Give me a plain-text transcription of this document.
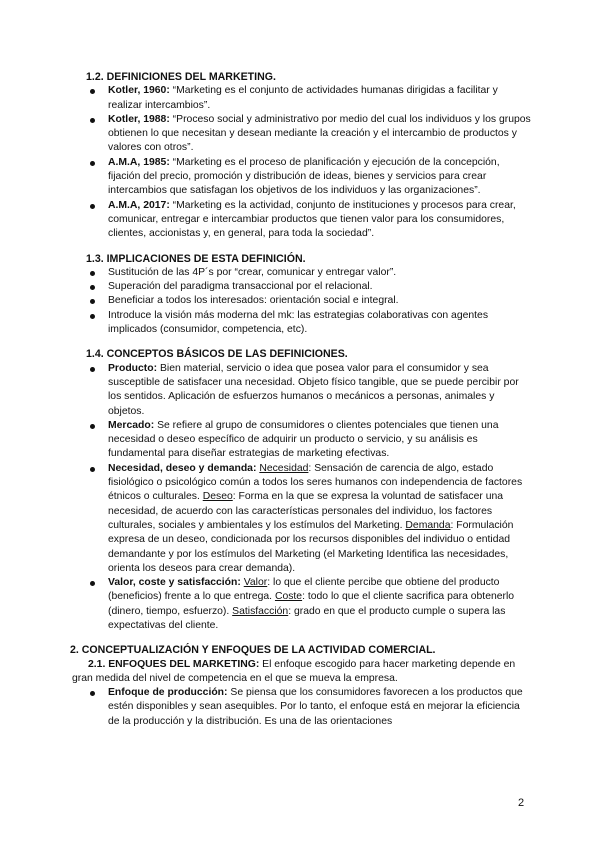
1.2. DEFINICIONES DEL MARKETING.
Kotler, 1960: “Marketing es el conjunto de actividades humanas dirigidas a facilitar y realizar intercambios”.
Kotler, 1988: “Proceso social y administrativo por medio del cual los individuos y los grupos obtienen lo que necesitan y desean mediante la creación y el intercambio de productos y valores con otros”.
A.M.A, 1985: “Marketing es el proceso de planificación y ejecución de la concepción, fijación del precio, promoción y distribución de ideas, bienes y servicios para crear intercambios que satisfagan los objetivos de los individuos y las organizaciones”.
A.M.A, 2017: “Marketing es la actividad, conjunto de instituciones y procesos para crear, comunicar, entregar e intercambiar productos que tienen valor para los consumidores, clientes, accionistas y, en general, para toda la sociedad”.
1.3. IMPLICACIONES DE ESTA DEFINICIÓN.
Sustitución de las 4P´s por “crear, comunicar y entregar valor”.
Superación del paradigma transaccional por el relacional.
Beneficiar a todos los interesados: orientación social e integral.
Introduce la visión más moderna del mk: las estrategias colaborativas con agentes implicados (consumidor, competencia, etc).
1.4. CONCEPTOS BÁSICOS DE LAS DEFINICIONES.
Producto: Bien material, servicio o idea que posea valor para el consumidor y sea susceptible de satisfacer una necesidad. Objeto físico tangible, que se puede percibir por los sentidos. Aplicación de esfuerzos humanos o mecánicos a personas, animales y objetos.
Mercado: Se refiere al grupo de consumidores o clientes potenciales que tienen una necesidad o deseo específico de adquirir un producto o servicio, y su análisis es fundamental para diseñar estrategias de marketing efectivas.
Necesidad, deseo y demanda: Necesidad: Sensación de carencia de algo, estado fisiológico o psicológico común a todos los seres humanos con independencia de factores étnicos o culturales. Deseo: Forma en la que se expresa la voluntad de satisfacer una necesidad, de acuerdo con las características personales del individuo, los factores culturales, sociales y ambientales y los estímulos del Marketing. Demanda: Formulación expresa de un deseo, condicionada por los recursos disponibles del individuo o entidad demandante y por los estímulos del Marketing (el Marketing Identifica las necesidades, orienta los deseos para crear demanda).
Valor, coste y satisfacción: Valor: lo que el cliente percibe que obtiene del producto (beneficios) frente a lo que entrega. Coste: todo lo que el cliente sacrifica para obtenerlo (dinero, tiempo, esfuerzo). Satisfacción: grado en que el producto cumple o supera las expectativas del cliente.
2. CONCEPTUALIZACIÓN Y ENFOQUES DE LA ACTIVIDAD COMERCIAL.

2.1. ENFOQUES DEL MARKETING: El enfoque escogido para hacer marketing depende en gran medida del nivel de competencia en el que se mueva la empresa.

Enfoque de producción: Se piensa que los consumidores favorecen a los productos que estén disponibles y sean asequibles. Por lo tanto, el enfoque está en mejorar la eficiencia de la producción y la distribución. Es una de las orientaciones
2
